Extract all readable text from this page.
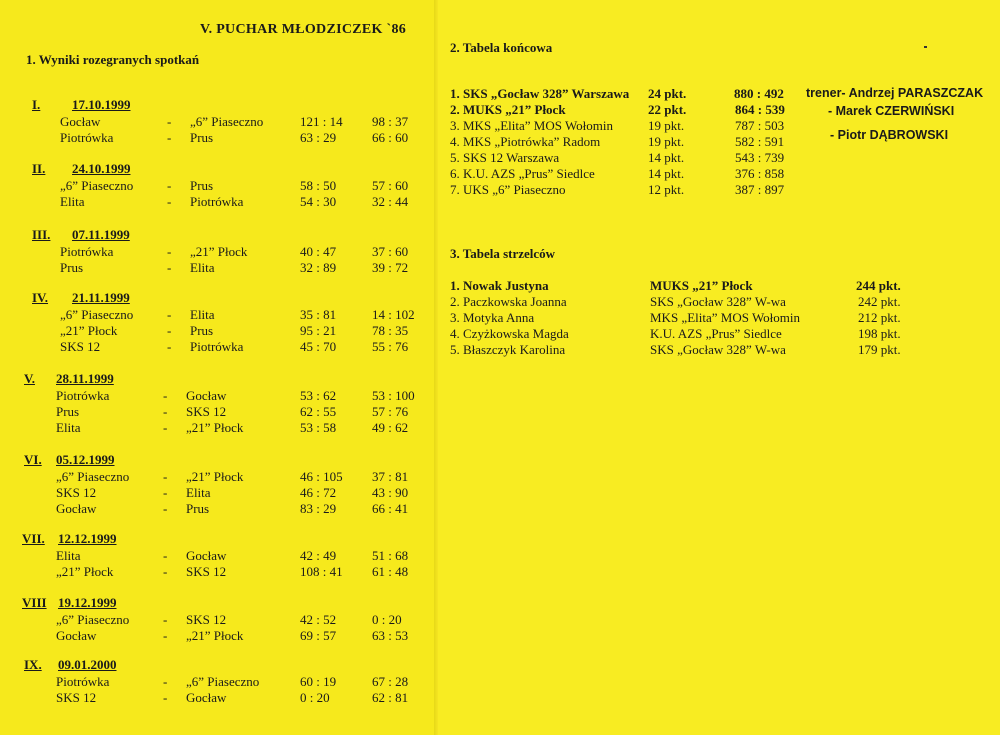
V. PUCHAR MŁODZICZEK `86
1. Wyniki rozegranych spotkań
I. 17.10.1999
Gocław	- „6” Piaseczno	121 : 14 98 : 37
Piotrówka	- Prus	63 : 29	66 : 60
II. 24.10.1999
„6” Piaseczno	- Prus	58 : 50	57 : 60
Elita	- Piotrówka	54 : 30	32 : 44
III. 07.11.1999
Piotrówka	- „21” Płock	40 : 47	37 : 60
Prus	- Elita	32 : 89	39 : 72
IV. 21.11.1999
„6” Piaseczno	- Elita	35 : 81	14 : 102
„21” Płock	- Prus	95 : 21	78 : 35
SKS 12	- Piotrówka	45 : 70	55 : 76
V. 28.11.1999
Piotrówka	- Gocław	53 : 62	53 : 100
Prus	- SKS 12	62 : 55	57 : 76
Elita	- „21” Płock	53 : 58	49 : 62
VI. 05.12.1999
„6” Piaseczno	- „21” Płock	46 : 105 37 : 81
SKS 12	- Elita	46 : 72	43 : 90
Gocław	- Prus	83 : 29	66 : 41
VII. 12.12.1999
Elita	- Gocław	42 : 49	51 : 68
„21” Płock	- SKS 12	108 : 41 61 : 48
VIII 19.12.1999
„6” Piaseczno	- SKS 12	42 : 52	0 : 20
Gocław	- „21” Płock	69 : 57	63 : 53
IX. 09.01.2000
Piotrówka	- „6” Piaseczno	60 : 19	67 : 28
SKS 12	- Gocław	0 : 20	62 : 81
2. Tabela końcowa
1. SKS „Gocław 328” Warszawa 24 pkt.	880 : 492 trener- Andrzej PARASZCZAK
2. MUKS „21” Płock	22 pkt.	864 : 539	- Marek CZERWIŃSKI
3. MKS „Elita” MOS Wołomin	19 pkt.	787 : 503
- Piotr DĄBROWSKI
4. MKS „Piotrówka” Radom	19 pkt.	582 : 591
5. SKS 12 Warszawa	14 pkt.	543 : 739
6. K.U. AZS „Prus” Siedlce	14 pkt.	376 : 858
7. UKS „6” Piaseczno	12 pkt.	387 : 897
3. Tabela strzelców
1. Nowak Justyna	MUKS „21” Płock	244 pkt.
2. Paczkowska Joanna	SKS „Gocław 328” W-wa	242 pkt.
3. Motyka Anna	MKS „Elita” MOS Wołomin	212 pkt.
4. Czyżkowska Magda	K.U. AZS „Prus” Siedlce	198 pkt.
5. Błaszczyk Karolina	SKS „Gocław 328” W-wa	179 pkt.
